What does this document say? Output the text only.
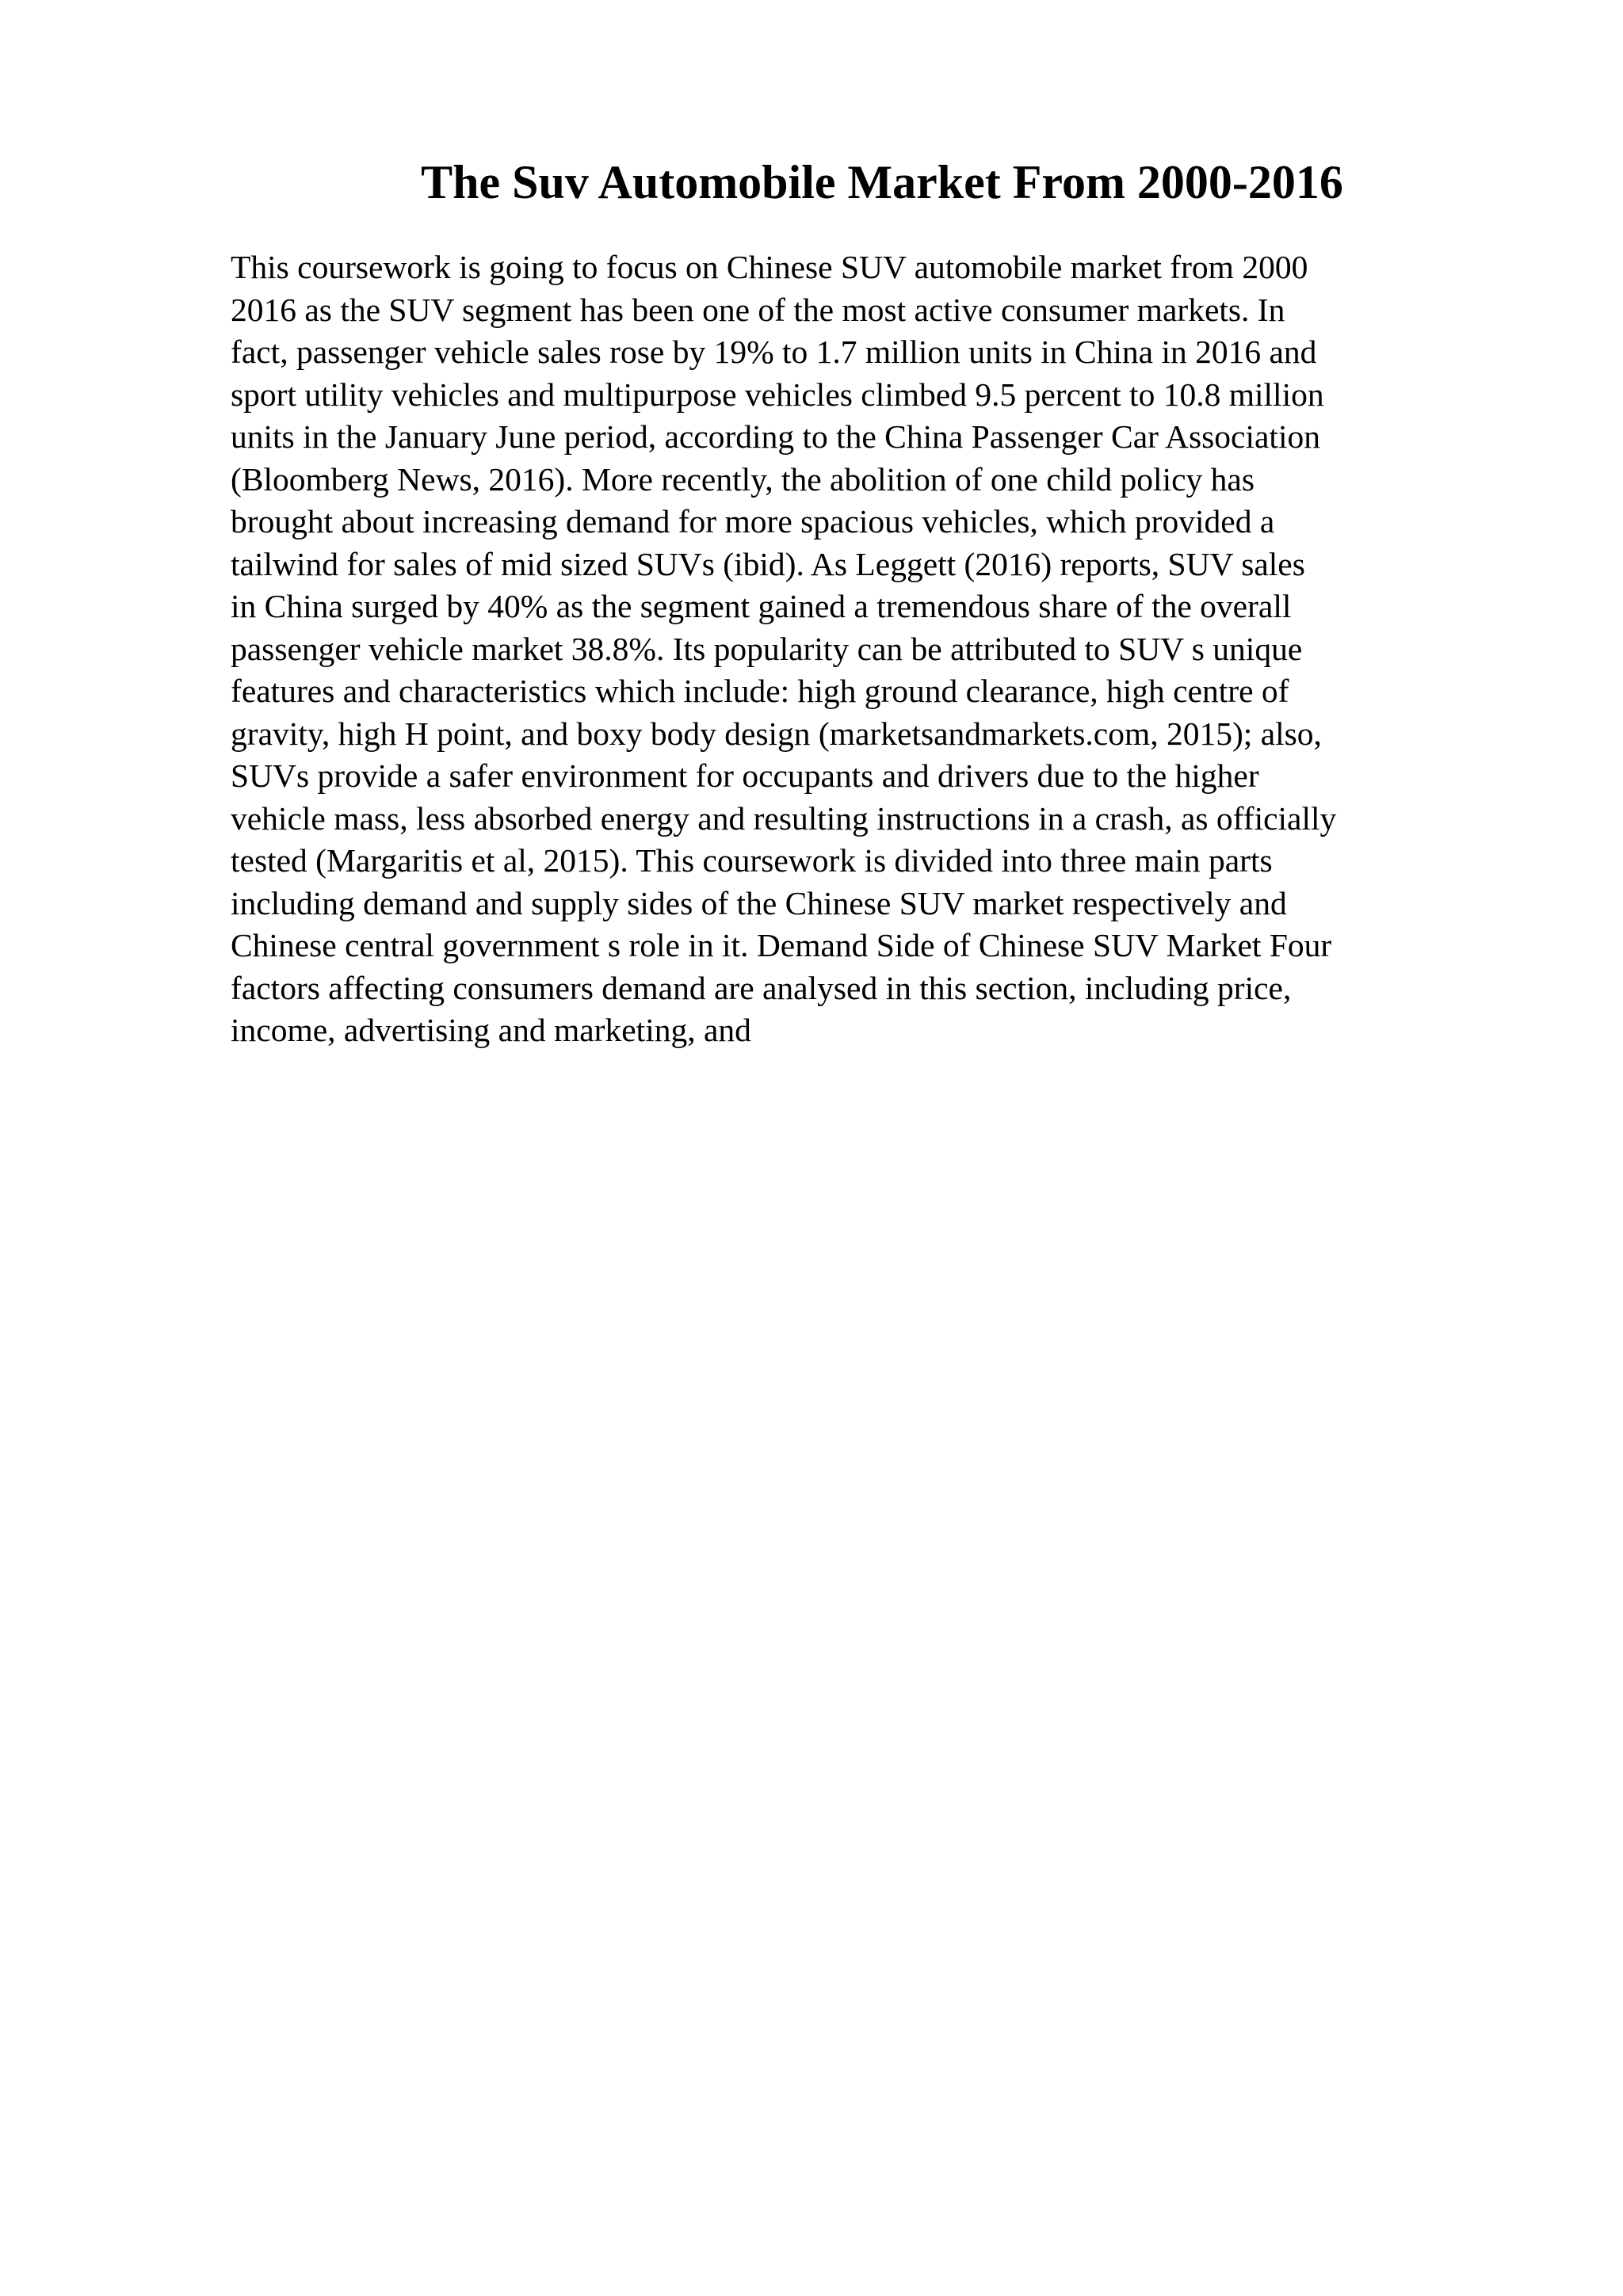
The Suv Automobile Market From 2000-2016
This coursework is going to focus on Chinese SUV automobile market from 2000
2016 as the SUV segment has been one of the most active consumer markets. In
fact, passenger vehicle sales rose by 19% to 1.7 million units in China in 2016 and
sport utility vehicles and multipurpose vehicles climbed 9.5 percent to 10.8 million
units in the January June period, according to the China Passenger Car Association
(Bloomberg News, 2016). More recently, the abolition of one child policy has
brought about increasing demand for more spacious vehicles, which provided a
tailwind for sales of mid sized SUVs (ibid). As Leggett (2016) reports, SUV sales
in China surged by 40% as the segment gained a tremendous share of the overall
passenger vehicle market 38.8%. Its popularity can be attributed to SUV s unique
features and characteristics which include: high ground clearance, high centre of
gravity, high H point, and boxy body design (marketsandmarkets.com, 2015); also,
SUVs provide a safer environment for occupants and drivers due to the higher
vehicle mass, less absorbed energy and resulting instructions in a crash, as officially
tested (Margaritis et al, 2015). This coursework is divided into three main parts
including demand and supply sides of the Chinese SUV market respectively and
Chinese central government s role in it. Demand Side of Chinese SUV Market Four
factors affecting consumers demand are analysed in this section, including price,
income, advertising and marketing, and
